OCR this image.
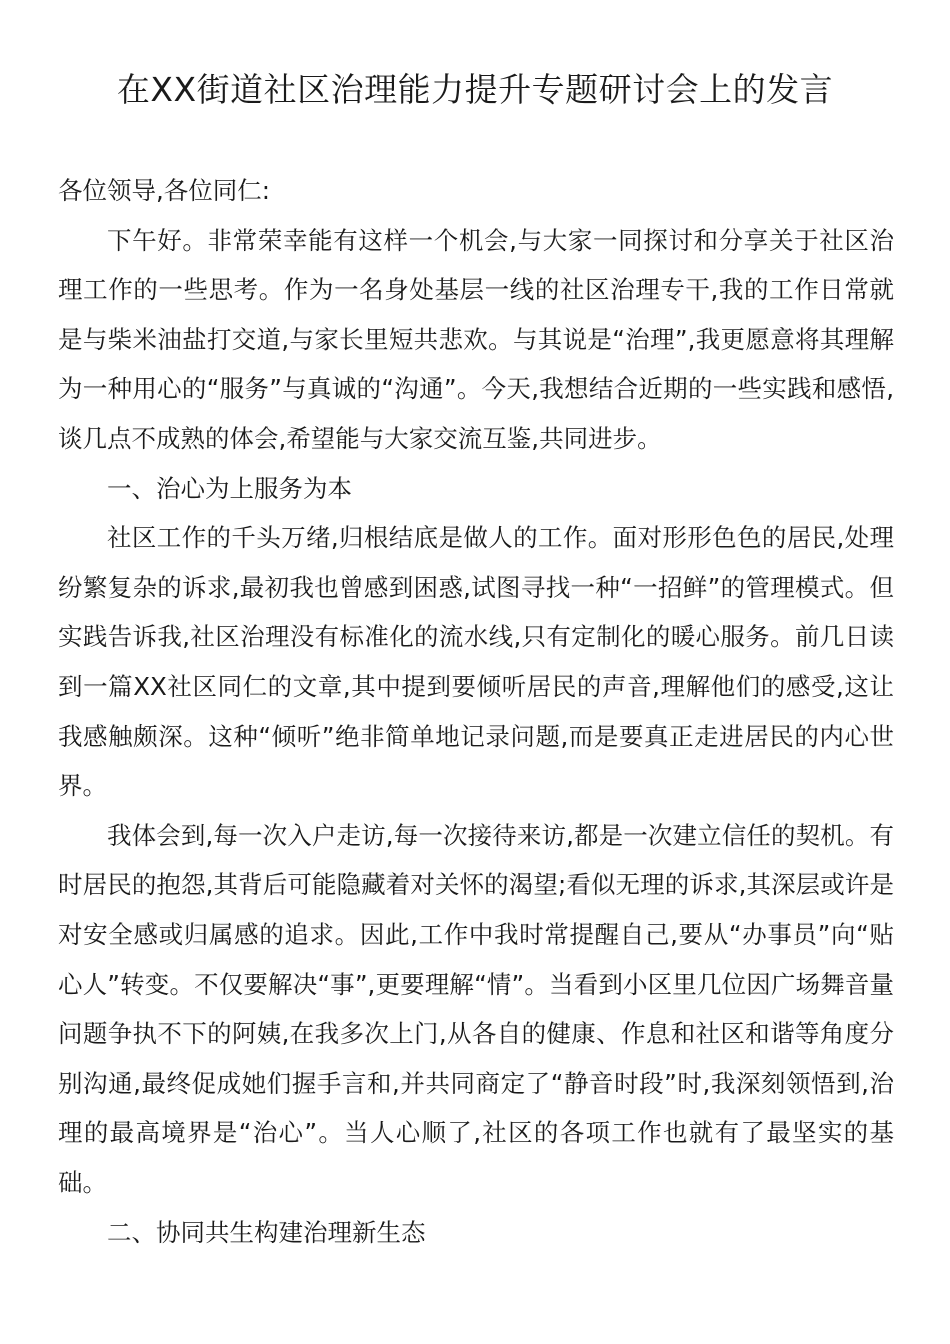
在XX街道社区治理能力提升专题研讨会上的发言

各位领导,各位同仁:

下午好。非常荣幸能有这样一个机会,与大家一同探讨和分享关于社区治理工作的一些思考。作为一名身处基层一线的社区治理专干,我的工作日常就是与柴米油盐打交道,与家长里短共悲欢。与其说是“治理”,我更愿意将其理解为一种用心的“服务”与真诚的“沟通”。今天,我想结合近期的一些实践和感悟,谈几点不成熟的体会,希望能与大家交流互鉴,共同进步。

一、治心为上服务为本

社区工作的千头万绪,归根结底是做人的工作。面对形形色色的居民,处理纷繁复杂的诉求,最初我也曾感到困惑,试图寻找一种“一招鲜”的管理模式。但实践告诉我,社区治理没有标准化的流水线,只有定制化的暖心服务。前几日读到一篇XX社区同仁的文章,其中提到要倾听居民的声音,理解他们的感受,这让我感触颇深。这种“倾听”绝非简单地记录问题,而是要真正走进居民的内心世界。

我体会到,每一次入户走访,每一次接待来访,都是一次建立信任的契机。有时居民的抱怨,其背后可能隐藏着对关怀的渴望;看似无理的诉求,其深层或许是对安全感或归属感的追求。因此,工作中我时常提醒自己,要从“办事员”向“贴心人”转变。不仅要解决“事”,更要理解“情”。当看到小区里几位因广场舞音量问题争执不下的阿姨,在我多次上门,从各自的健康、作息和社区和谐等角度分别沟通,最终促成她们握手言和,并共同商定了“静音时段”时,我深刻领悟到,治理的最高境界是“治心”。当人心顺了,社区的各项工作也就有了最坚实的基础。

二、协同共生构建治理新生态
